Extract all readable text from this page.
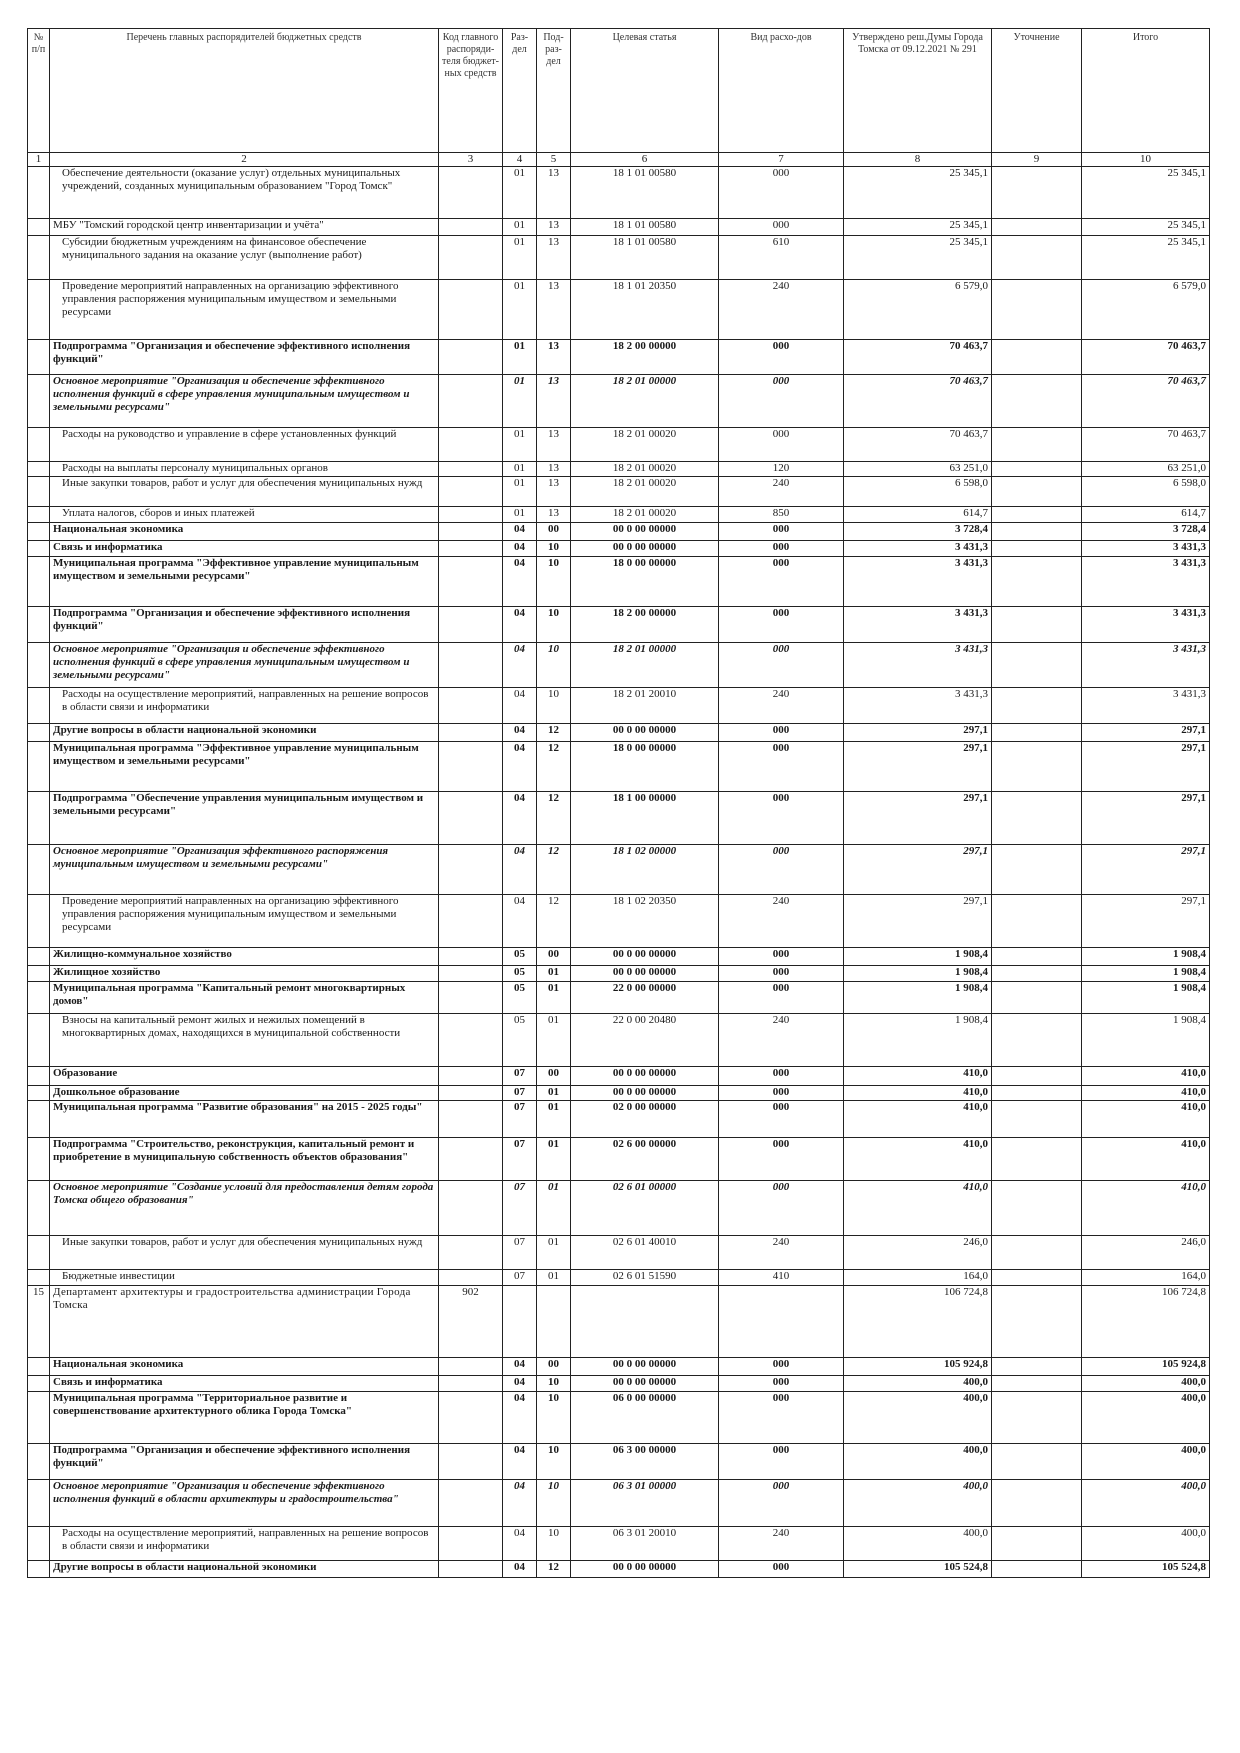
№ п/п	Перечень главных распорядителей бюджетных средств	Код главного распоряди-теля бюджет-ных средств	Раз-дел	Под-раз-дел	Целевая статья	Вид расхо-дов	Утверждено реш.Думы Города Томска от 09.12.2021 № 291	Уточнение	Итого
1	2	3	4	5	6	7	8	9	10
	Обеспечение деятельности (оказание услуг) отдельных муниципальных учреждений, созданных муниципальным образованием "Город Томск"		01	13	18 1 01 00580	000	25 345,1		25 345,1
	МБУ "Томский городской центр инвентаризации и учёта"		01	13	18 1 01 00580	000	25 345,1		25 345,1
	Субсидии бюджетным учреждениям на финансовое обеспечение муниципального задания на оказание услуг (выполнение работ)		01	13	18 1 01 00580	610	25 345,1		25 345,1
	Проведение мероприятий направленных на организацию эффективного управления распоряжения муниципальным имуществом и земельными ресурсами		01	13	18 1 01 20350	240	6 579,0		6 579,0
	Подпрограмма "Организация и обеспечение эффективного исполнения функций"		01	13	18 2 00 00000	000	70 463,7		70 463,7
	Основное мероприятие "Организация и обеспечение эффективного исполнения функций в сфере управления муниципальным имуществом и земельными ресурсами"		01	13	18 2 01 00000	000	70 463,7		70 463,7
	Расходы на руководство и управление в сфере установленных функций		01	13	18 2 01 00020	000	70 463,7		70 463,7
	Расходы на выплаты персоналу муниципальных органов		01	13	18 2 01 00020	120	63 251,0		63 251,0
	Иные закупки товаров, работ и услуг для обеспечения муниципальных нужд		01	13	18 2 01 00020	240	6 598,0		6 598,0
	Уплата налогов, сборов и иных платежей		01	13	18 2 01 00020	850	614,7		614,7
	Национальная экономика		04	00	00 0 00 00000	000	3 728,4		3 728,4
	Связь и информатика		04	10	00 0 00 00000	000	3 431,3		3 431,3
	Муниципальная программа "Эффективное управление муниципальным имуществом и земельными ресурсами"		04	10	18 0 00 00000	000	3 431,3		3 431,3
	Подпрограмма "Организация и обеспечение эффективного исполнения функций"		04	10	18 2 00 00000	000	3 431,3		3 431,3
	Основное мероприятие "Организация и обеспечение эффективного исполнения функций в сфере управления муниципальным имуществом и земельными ресурсами"		04	10	18 2 01 00000	000	3 431,3		3 431,3
	Расходы на осуществление мероприятий, направленных на решение вопросов в области связи и информатики		04	10	18 2 01 20010	240	3 431,3		3 431,3
	Другие вопросы в области национальной экономики		04	12	00 0 00 00000	000	297,1		297,1
	Муниципальная программа "Эффективное управление муниципальным имуществом и земельными ресурсами"		04	12	18 0 00 00000	000	297,1		297,1
	Подпрограмма "Обеспечение управления муниципальным имуществом и земельными ресурсами"		04	12	18 1 00 00000	000	297,1		297,1
	Основное мероприятие "Организация эффективного распоряжения муниципальным имуществом и земельными ресурсами"		04	12	18 1 02 00000	000	297,1		297,1
	Проведение мероприятий направленных на организацию эффективного управления распоряжения муниципальным имуществом и земельными ресурсами		04	12	18 1 02 20350	240	297,1		297,1
	Жилищно-коммунальное хозяйство		05	00	00 0 00 00000	000	1 908,4		1 908,4
	Жилищное хозяйство		05	01	00 0 00 00000	000	1 908,4		1 908,4
	Муниципальная программа "Капитальный ремонт многоквартирных домов"		05	01	22 0 00 00000	000	1 908,4		1 908,4
	Взносы на капитальный ремонт жилых и нежилых помещений в многоквартирных домах, находящихся в муниципальной собственности		05	01	22 0 00 20480	240	1 908,4		1 908,4
	Образование		07	00	00 0 00 00000	000	410,0		410,0
	Дошкольное образование		07	01	00 0 00 00000	000	410,0		410,0
	Муниципальная программа "Развитие образования" на 2015 - 2025 годы"		07	01	02 0 00 00000	000	410,0		410,0
	Подпрограмма "Строительство, реконструкция, капитальный ремонт и приобретение в муниципальную собственность объектов образования"		07	01	02 6 00 00000	000	410,0		410,0
	Основное мероприятие "Создание условий для предоставления детям города Томска общего образования"		07	01	02 6 01 00000	000	410,0		410,0
	Иные закупки товаров, работ и услуг для обеспечения муниципальных нужд		07	01	02 6 01 40010	240	246,0		246,0
	Бюджетные инвестиции		07	01	02 6 01 51590	410	164,0		164,0
15	Департамент архитектуры и градостроительства администрации Города Томска	902					106 724,8		106 724,8
	Национальная экономика		04	00	00 0 00 00000	000	105 924,8		105 924,8
	Связь и информатика		04	10	00 0 00 00000	000	400,0		400,0
	Муниципальная программа "Территориальное развитие и совершенствование архитектурного облика Города Томска"		04	10	06 0 00 00000	000	400,0		400,0
	Подпрограмма "Организация и обеспечение эффективного исполнения функций"		04	10	06 3 00 00000	000	400,0		400,0
	Основное мероприятие "Организация и обеспечение эффективного исполнения функций в области архитектуры и градостроительства"		04	10	06 3 01 00000	000	400,0		400,0
	Расходы на осуществление мероприятий, направленных на решение вопросов в области связи и информатики		04	10	06 3 01 20010	240	400,0		400,0
	Другие вопросы в области национальной экономики		04	12	00 0 00 00000	000	105 524,8		105 524,8
